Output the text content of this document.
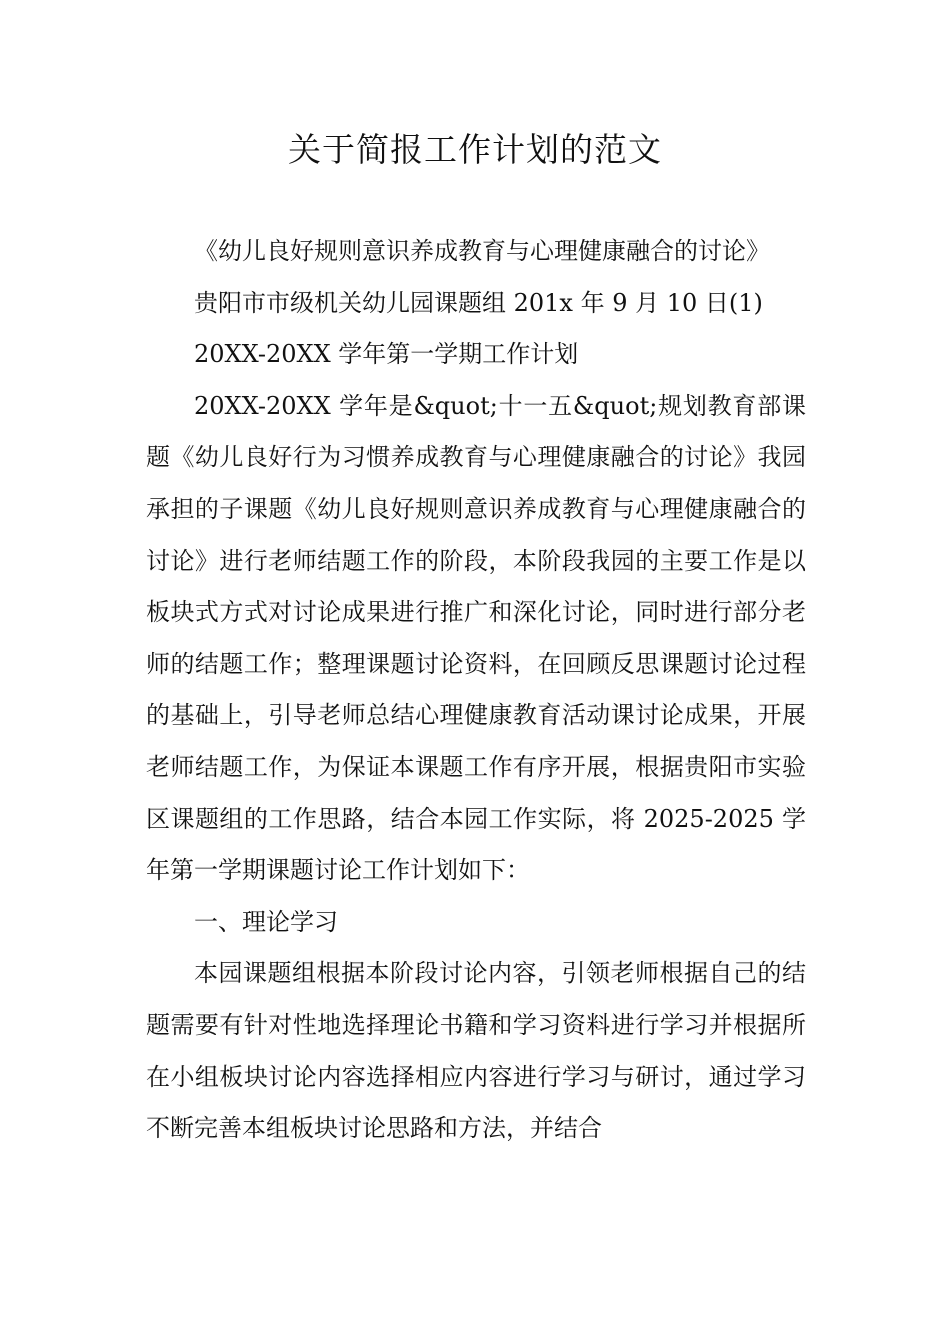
关于简报工作计划的范文

《幼儿良好规则意识养成教育与心理健康融合的讨论》

贵阳市市级机关幼儿园课题组 201x 年 9 月 10 日(1)

20XX-20XX 学年第一学期工作计划

20XX-20XX 学年是&quot;十一五&quot;规划教育部课题《幼儿良好行为习惯养成教育与心理健康融合的讨论》我园承担的子课题《幼儿良好规则意识养成教育与心理健康融合的讨论》进行老师结题工作的阶段，本阶段我园的主要工作是以板块式方式对讨论成果进行推广和深化讨论，同时进行部分老师的结题工作；整理课题讨论资料，在回顾反思课题讨论过程的基础上，引导老师总结心理健康教育活动课讨论成果，开展老师结题工作，为保证本课题工作有序开展，根据贵阳市实验区课题组的工作思路，结合本园工作实际，将 2025-2025 学年第一学期课题讨论工作计划如下：

一、理论学习

本园课题组根据本阶段讨论内容，引领老师根据自己的结题需要有针对性地选择理论书籍和学习资料进行学习并根据所在小组板块讨论内容选择相应内容进行学习与研讨，通过学习不断完善本组板块讨论思路和方法，并结合
